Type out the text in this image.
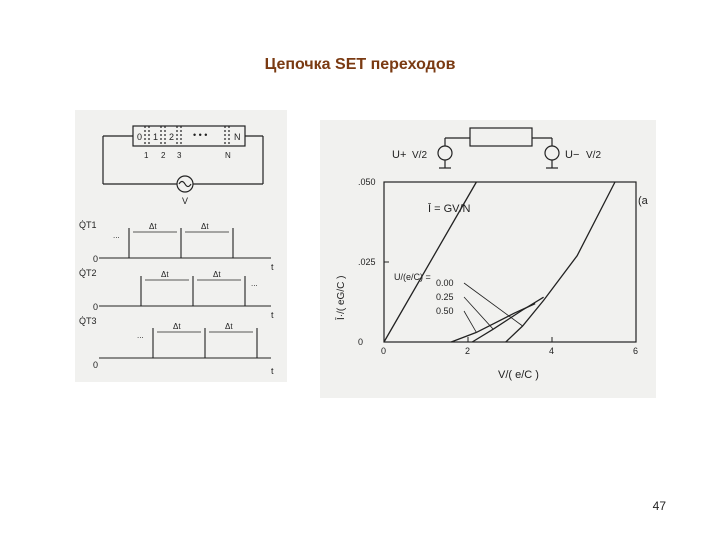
Цепочка SET переходов
0 1 2	N
• • •
1 2 3	N
V
Q̇T1
0
t
Δt	Δt
...
Q̇T2
0
t
Δt	Δt
...
Q̇T3
0
t
Δt	Δt
...
U+ V/2	U− V/2
0	2	4	6
.050
.025
0
(a
Ī = GV/N
Ī·/( eG/C )	U/(e/C) =
0.00
0.25
0.50
V/( e/C )
47
